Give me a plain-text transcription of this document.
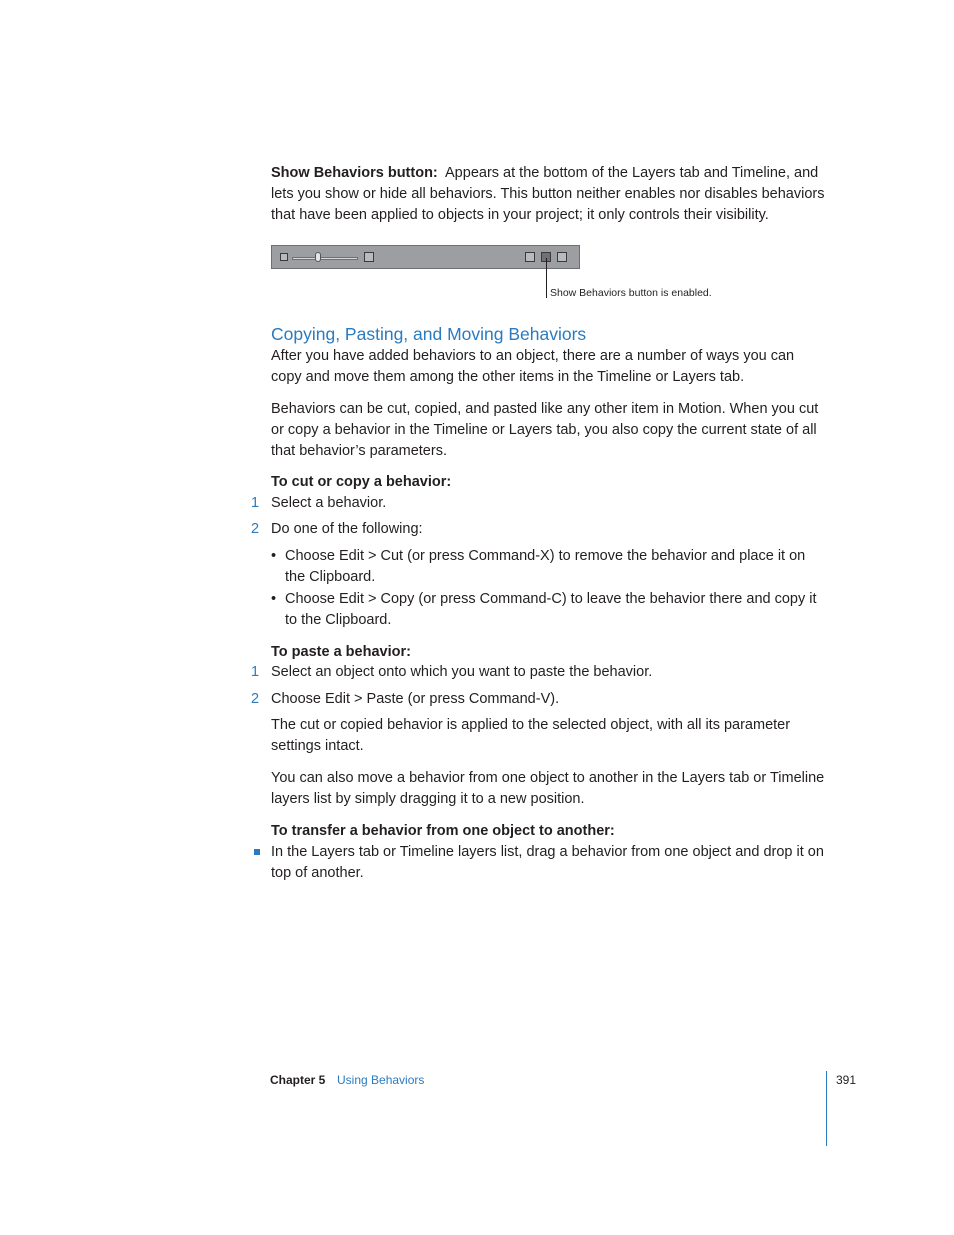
Show Behaviors button: Appears at the bottom of the Layers tab and Timeline, and lets you show or hide all behaviors. This button neither enables nor disables behaviors that have been applied to objects in your project; it only controls their visibility.

Show Behaviors button is enabled.
Copying, Pasting, and Moving Behaviors

After you have added behaviors to an object, there are a number of ways you can copy and move them among the other items in the Timeline or Layers tab.

Behaviors can be cut, copied, and pasted like any other item in Motion. When you cut or copy a behavior in the Timeline or Layers tab, you also copy the current state of all that behavior’s parameters.

To cut or copy a behavior:

1 Select a behavior.

2 Do one of the following:

• Choose Edit > Cut (or press Command-X) to remove the behavior and place it on the Clipboard.

• Choose Edit > Copy (or press Command-C) to leave the behavior there and copy it to the Clipboard.

To paste a behavior:

1 Select an object onto which you want to paste the behavior.

2 Choose Edit > Paste (or press Command-V).

The cut or copied behavior is applied to the selected object, with all its parameter settings intact.

You can also move a behavior from one object to another in the Layers tab or Timeline layers list by simply dragging it to a new position.

To transfer a behavior from one object to another:

In the Layers tab or Timeline layers list, drag a behavior from one object and drop it on top of another.

Chapter 5 Using Behaviors	391
